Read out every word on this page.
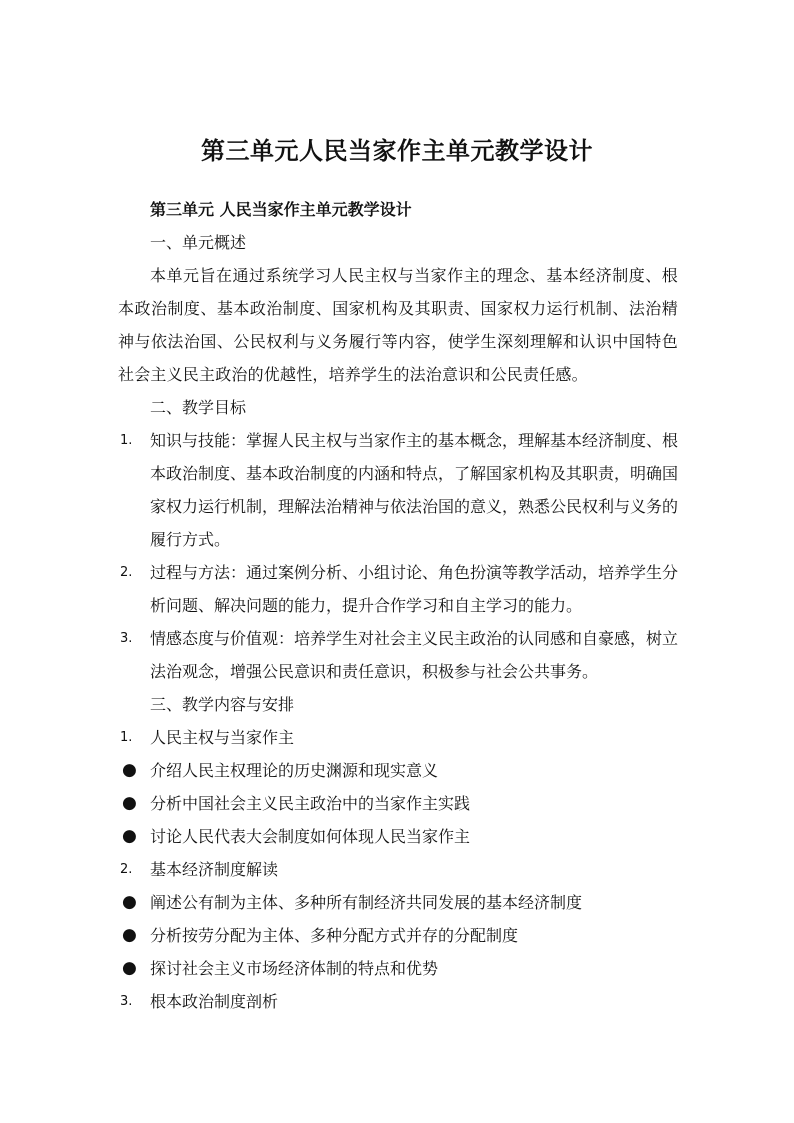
第三单元人民当家作主单元教学设计
第三单元 人民当家作主单元教学设计
一、单元概述

本单元旨在通过系统学习人民主权与当家作主的理念、基本经济制度、根本政治制度、基本政治制度、国家机构及其职责、国家权力运行机制、法治精神与依法治国、公民权利与义务履行等内容，使学生深刻理解和认识中国特色社会主义民主政治的优越性，培养学生的法治意识和公民责任感。

二、教学目标
1.	知识与技能：掌握人民主权与当家作主的基本概念，理解基本经济制度、根本政治制度、基本政治制度的内涵和特点，了解国家机构及其职责，明确国家权力运行机制，理解法治精神与依法治国的意义，熟悉公民权利与义务的履行方式。
2.	过程与方法：通过案例分析、小组讨论、角色扮演等教学活动，培养学生分析问题、解决问题的能力，提升合作学习和自主学习的能力。
3.	情感态度与价值观：培养学生对社会主义民主政治的认同感和自豪感，树立法治观念，增强公民意识和责任意识，积极参与社会公共事务。
三、教学内容与安排
1.	人民主权与当家作主
● 介绍人民主权理论的历史渊源和现实意义
● 分析中国社会主义民主政治中的当家作主实践
● 讨论人民代表大会制度如何体现人民当家作主
2.	基本经济制度解读
● 阐述公有制为主体、多种所有制经济共同发展的基本经济制度
● 分析按劳分配为主体、多种分配方式并存的分配制度
● 探讨社会主义市场经济体制的特点和优势
3.	根本政治制度剖析
